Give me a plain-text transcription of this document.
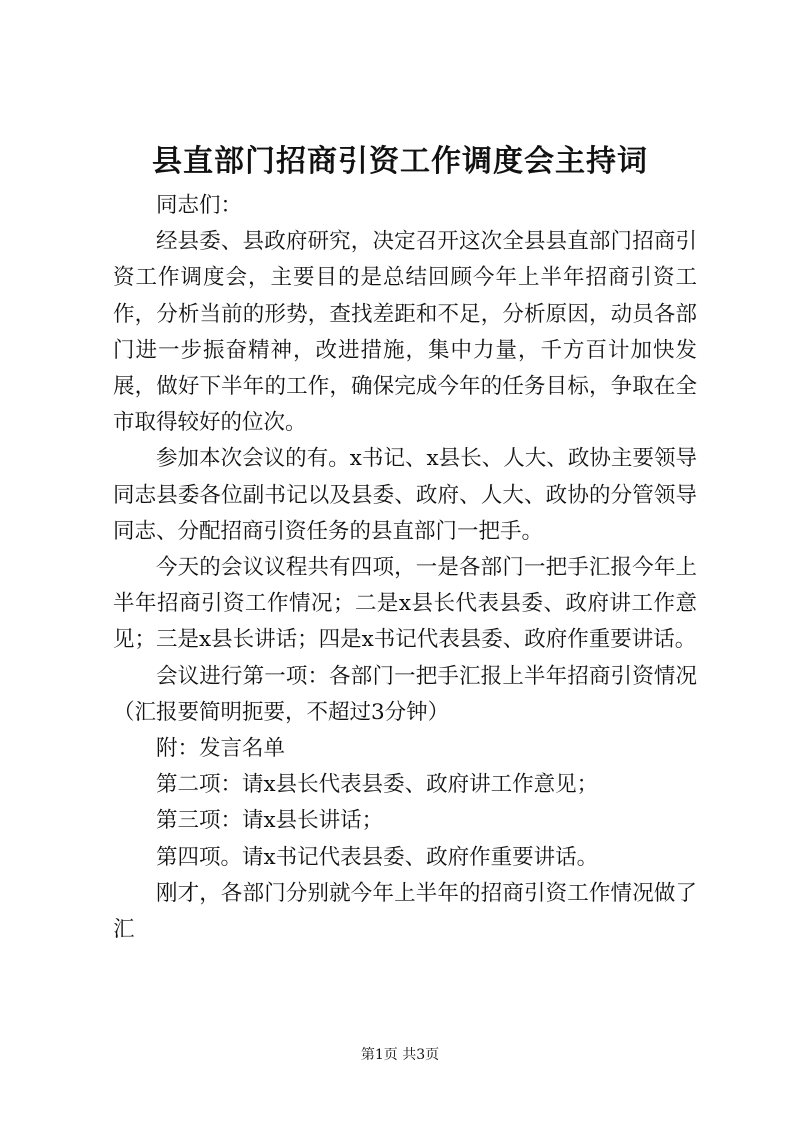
县直部门招商引资工作调度会主持词

同志们：

经县委、县政府研究，决定召开这次全县县直部门招商引资工作调度会，主要目的是总结回顾今年上半年招商引资工作，分析当前的形势，查找差距和不足，分析原因，动员各部门进一步振奋精神，改进措施，集中力量，千方百计加快发展，做好下半年的工作，确保完成今年的任务目标，争取在全市取得较好的位次。

参加本次会议的有。x书记、x县长、人大、政协主要领导同志县委各位副书记以及县委、政府、人大、政协的分管领导同志、分配招商引资任务的县直部门一把手。

今天的会议议程共有四项，一是各部门一把手汇报今年上半年招商引资工作情况；二是x县长代表县委、政府讲工作意见；三是x县长讲话；四是x书记代表县委、政府作重要讲话。

会议进行第一项：各部门一把手汇报上半年招商引资情况（汇报要简明扼要，不超过3分钟）

附：发言名单

第二项：请x县长代表县委、政府讲工作意见；

第三项：请x县长讲话；

第四项。请x书记代表县委、政府作重要讲话。

刚才，各部门分别就今年上半年的招商引资工作情况做了汇

第1页 共3页
